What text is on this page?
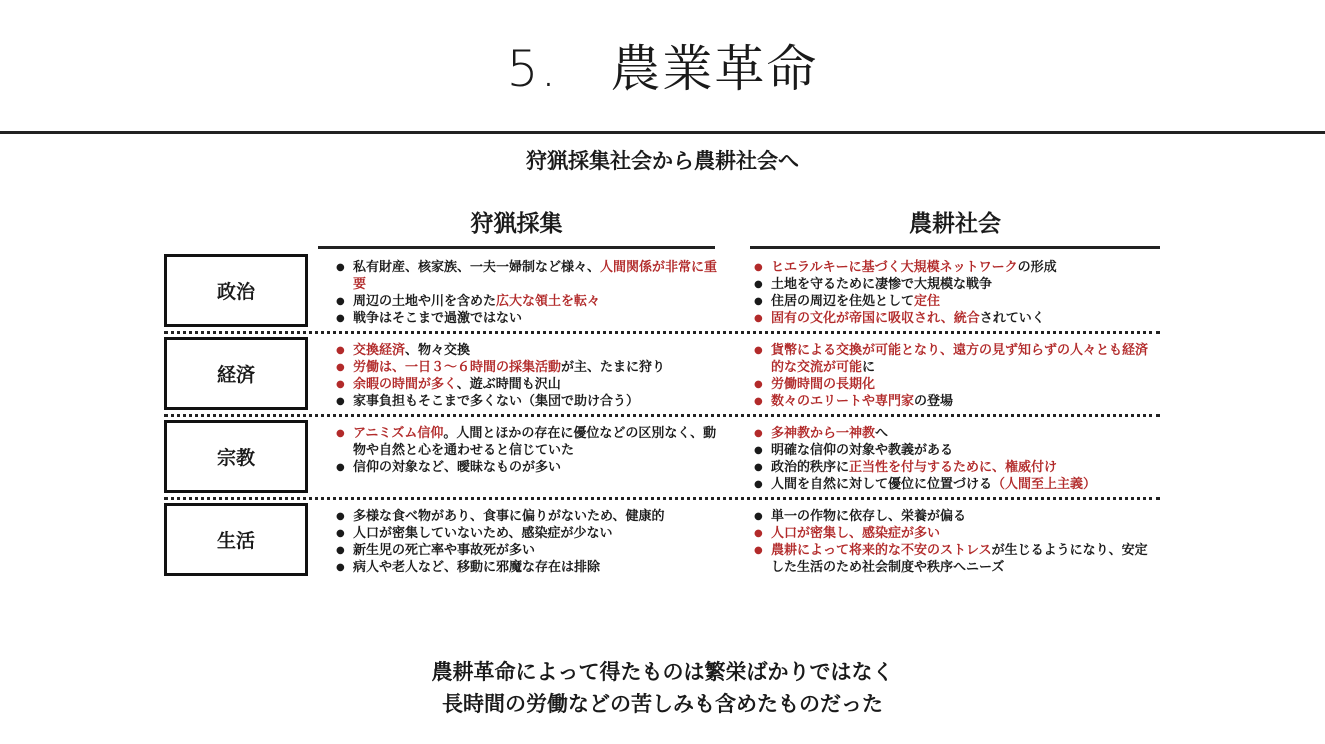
5.　農業革命
狩猟採集社会から農耕社会へ
狩猟採集	農耕社会
政治
経済
宗教
生活
● 私有財産、核家族、一夫一婦制など様々、人間関係が非常に重要
● 周辺の土地や川を含めた広大な領土を転々
● 戦争はそこまで過激ではない
● ヒエラルキーに基づく大規模ネットワークの形成
● 土地を守るために凄惨で大規模な戦争
● 住居の周辺を住処として定住
● 固有の文化が帝国に吸収され、統合されていく
● 交換経済、物々交換
● 労働は、一日３～６時間の採集活動が主、たまに狩り
● 余暇の時間が多く、遊ぶ時間も沢山
● 家事負担もそこまで多くない（集団で助け合う）
● 貨幣による交換が可能となり、遠方の見ず知らずの人々とも経済的な交流が可能に
● 労働時間の長期化
● 数々のエリートや専門家の登場
● アニミズム信仰。人間とほかの存在に優位などの区別なく、動物や自然と心を通わせると信じていた
● 信仰の対象など、曖昧なものが多い
● 多神教から一神教へ
● 明確な信仰の対象や教義がある
● 政治的秩序に正当性を付与するために、権威付け
● 人間を自然に対して優位に位置づける（人間至上主義）
● 多様な食べ物があり、食事に偏りがないため、健康的
● 人口が密集していないため、感染症が少ない
● 新生児の死亡率や事故死が多い
● 病人や老人など、移動に邪魔な存在は排除
● 単一の作物に依存し、栄養が偏る
● 人口が密集し、感染症が多い
● 農耕によって将来的な不安のストレスが生じるようになり、安定した生活のため社会制度や秩序へニーズ
農耕革命によって得たものは繁栄ばかりではなく
長時間の労働などの苦しみも含めたものだった
